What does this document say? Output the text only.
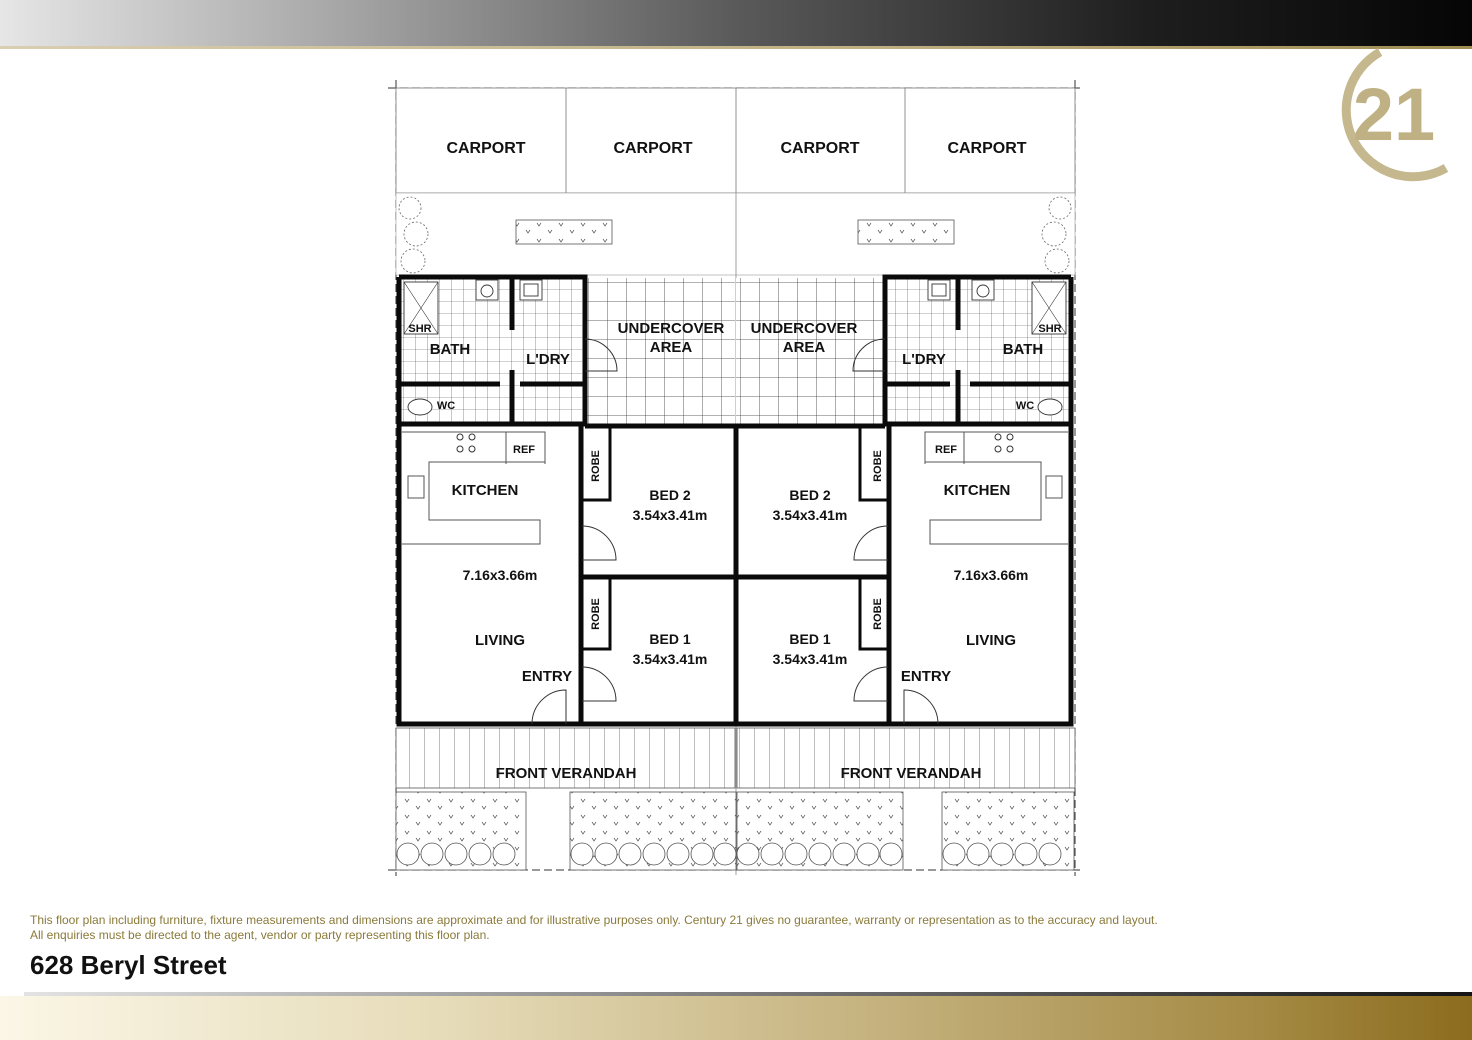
21
CARPORT	CARPORT	CARPORT	CARPORT
SHR
BATH
L'DRY
WC
UNDERCOVER
AREA
REF
KITCHEN
7.16x3.66m
LIVING
ENTRY
ROBE
ROBE
BED 2
3.54x3.41m
BED 1
3.54x3.41m
FRONT VERANDAH
SHR
BATH
L'DRY
WC
UNDERCOVER
AREA
REF
KITCHEN
7.16x3.66m
LIVING
ENTRY
ROBE
ROBE
BED 2
3.54x3.41m
BED 1
3.54x3.41m
FRONT VERANDAH
This floor plan including furniture, fixture measurements and dimensions are approximate and for illustrative purposes only. Century 21 gives no guarantee, warranty or representation as to the accuracy and layout.
All enquiries must be directed to the agent, vendor or party representing this floor plan.
628 Beryl Street
